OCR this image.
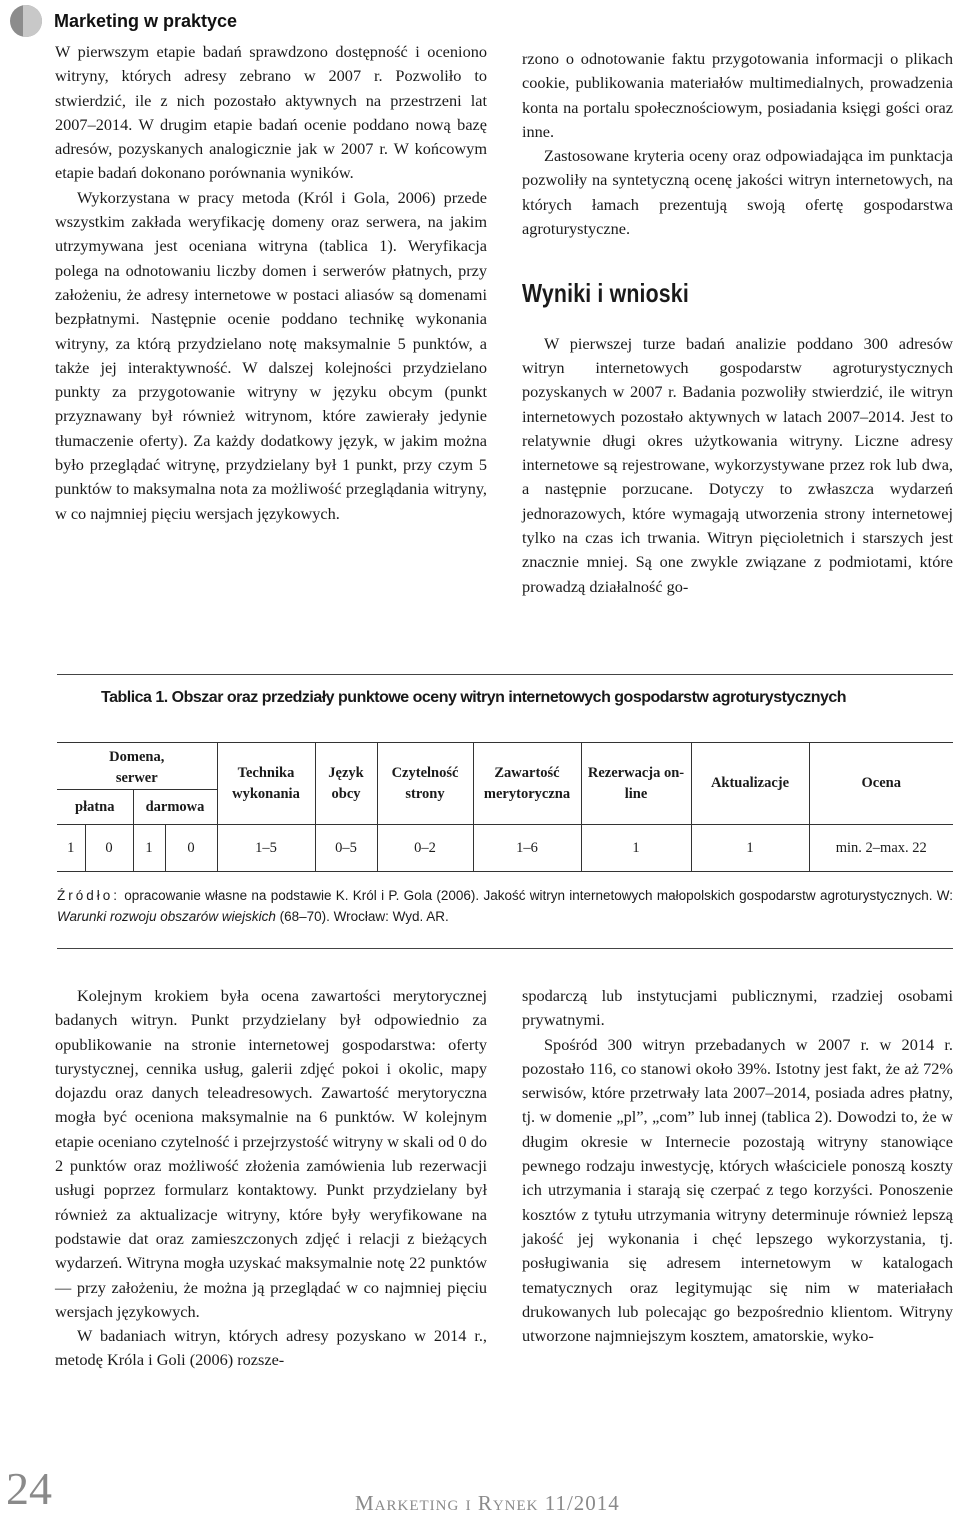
Marketing w praktyce

W pierwszym etapie badań sprawdzono dostępność i oceniono witryny, których adresy zebrano w 2007 r. Pozwoliło to stwierdzić, ile z nich pozostało aktywnych na przestrzeni lat 2007–2014. W drugim etapie badań ocenie poddano nową bazę adresów, pozyskanych analogicznie jak w 2007 r. W końcowym etapie badań dokonano porównania wyników.

Wykorzystana w pracy metoda (Król i Gola, 2006) przede wszystkim zakłada weryfikację domeny oraz serwera, na jakim utrzymywana jest oceniana witryna (tablica 1). Weryfikacja polega na odnotowaniu liczby domen i serwerów płatnych, przy założeniu, że adresy internetowe w postaci aliasów są domenami bezpłatnymi. Następnie ocenie poddano technikę wykonania witryny, za którą przydzielano notę maksymalnie 5 punktów, a także jej interaktywność. W dalszej kolejności przydzielano punkty za przygotowanie witryny w języku obcym (punkt przyznawany był również witrynom, które zawierały jedynie tłumaczenie oferty). Za każdy dodatkowy język, w jakim można było przeglądać witrynę, przydzielany był 1 punkt, przy czym 5 punktów to maksymalna nota za możliwość przeglądania witryny, w co najmniej pięciu wersjach językowych.

rzono o odnotowanie faktu przygotowania informacji o plikach cookie, publikowania materiałów multimedialnych, prowadzenia konta na portalu społecznościowym, posiadania księgi gości oraz inne.

Zastosowane kryteria oceny oraz odpowiadająca im punktacja pozwoliły na syntetyczną ocenę jakości witryn internetowych, na których łamach prezentują swoją ofertę gospodarstwa agroturystyczne.

Wyniki i wnioski

W pierwszej turze badań analizie poddano 300 adresów witryn internetowych gospodarstw agroturystycznych pozyskanych w 2007 r. Badania pozwoliły stwierdzić, ile witryn internetowych pozostało aktywnych w latach 2007–2014. Jest to relatywnie długi okres użytkowania witryny. Liczne adresy internetowe są rejestrowane, wykorzystywane przez rok lub dwa, a następnie porzucane. Dotyczy to zwłaszcza wydarzeń jednorazowych, które wymagają utworzenia strony internetowej tylko na czas ich trwania. Witryn pięcioletnich i starszych jest znacznie mniej. Są one zwykle związane z podmiotami, które prowadzą działalność go-

Tablica 1. Obszar oraz przedziały punktowe oceny witryn internetowych gospodarstw agroturystycznych
Domena,
serwer				Technika wykonania	Język obcy	Czytelność strony	Zawartość merytoryczna	Rezerwacja on-line	Aktualizacje	Ocena
płatna		darmowa								
1	0	1	0	1–5	0–5	0–2	1–6	1	1	min. 2–max. 22
Źródło: opracowanie własne na podstawie K. Król i P. Gola (2006). Jakość witryn internetowych małopolskich gospodarstw agroturystycznych. W: Warunki rozwoju obszarów wiejskich (68–70). Wrocław: Wyd. AR.

Kolejnym krokiem była ocena zawartości merytorycznej badanych witryn. Punkt przydzielany był odpowiednio za opublikowanie na stronie internetowej gospodarstwa: oferty turystycznej, cennika usług, galerii zdjęć pokoi i okolic, mapy dojazdu oraz danych teleadresowych. Zawartość merytoryczna mogła być oceniona maksymalnie na 6 punktów. W kolejnym etapie oceniano czytelność i przejrzystość witryny w skali od 0 do 2 punktów oraz możliwość złożenia zamówienia lub rezerwacji usługi poprzez formularz kontaktowy. Punkt przydzielany był również za aktualizacje witryny, które były weryfikowane na podstawie dat oraz zamieszczonych zdjęć i relacji z bieżących wydarzeń. Witryna mogła uzyskać maksymalnie notę 22 punktów — przy założeniu, że można ją przeglądać w co najmniej pięciu wersjach językowych.

W badaniach witryn, których adresy pozyskano w 2014 r., metodę Króla i Goli (2006) rozsze-

spodarczą lub instytucjami publicznymi, rzadziej osobami prywatnymi.

Spośród 300 witryn przebadanych w 2007 r. w 2014 r. pozostało 116, co stanowi około 39%. Istotny jest fakt, że aż 72% serwisów, które przetrwały lata 2007–2014, posiada adres płatny, tj. w domenie „pl”, „com” lub innej (tablica 2). Dowodzi to, że w długim okresie w Internecie pozostają witryny stanowiące pewnego rodzaju inwestycję, których właściciele ponoszą koszty ich utrzymania i starają się czerpać z tego korzyści. Ponoszenie kosztów z tytułu utrzymania witryny determinuje również lepszą jakość jej wykonania i chęć lepszego wykorzystania, tj. posługiwania się adresem internetowym w katalogach tematycznych oraz legitymując się nim w materiałach drukowanych lub polecając go bezpośrednio klientom. Witryny utworzone najmniejszym kosztem, amatorskie, wyko-

24	Marketing i Rynek 11/2014
